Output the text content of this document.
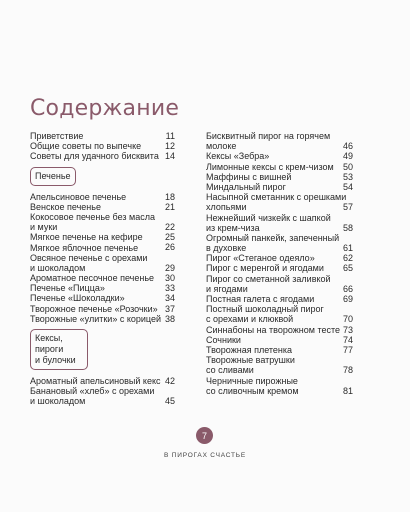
Содержание
Приветствие	11
Общие советы по выпечке	12
Советы для удачного бисквита 14
Печенье
Апельсиновое печенье	18
Венское печенье	21
Кокосовое печенье без масла
и муки	22
Мягкое печенье на кефире	25
Мягкое яблочное печенье	26
Овсяное печенье с орехами
и шоколадом	29
Ароматное песочное печенье	30
Печенье «Пицца»	33
Печенье «Шоколадки»	34
Творожное печенье «Розочки» 37
Творожные «улитки» с корицей 38
Кексы, пироги
и булочки
Ароматный апельсиновый кекс 42
Банановый «хлеб» с орехами
и шоколадом	45
Бисквитный пирог на горячем
молоке	46
Кексы «Зебра»	49
Лимонные кексы с крем-чизом	50
Маффины с вишней	53
Миндальный пирог	54
Насыпной сметанник с орешками
хлопьями	57
Нежнейший чизкейк с шапкой
из крем-чиза	58
Огромный панкейк, запеченный
в духовке	61
Пирог «Стеганое одеяло»	62
Пирог с меренгой и ягодами	65
Пирог со сметанной заливкой
и ягодами	66
Постная галета с ягодами	69
Постный шоколадный пирог
с орехами и клюквой	70
Синнабоны на творожном тесте 73
Сочники	74
Творожная плетенка	77
Творожные ватрушки
со сливами	78
Черничные пирожные
со сливочным кремом	81
7
В ПИРОГАХ СЧАСТЬЕ
